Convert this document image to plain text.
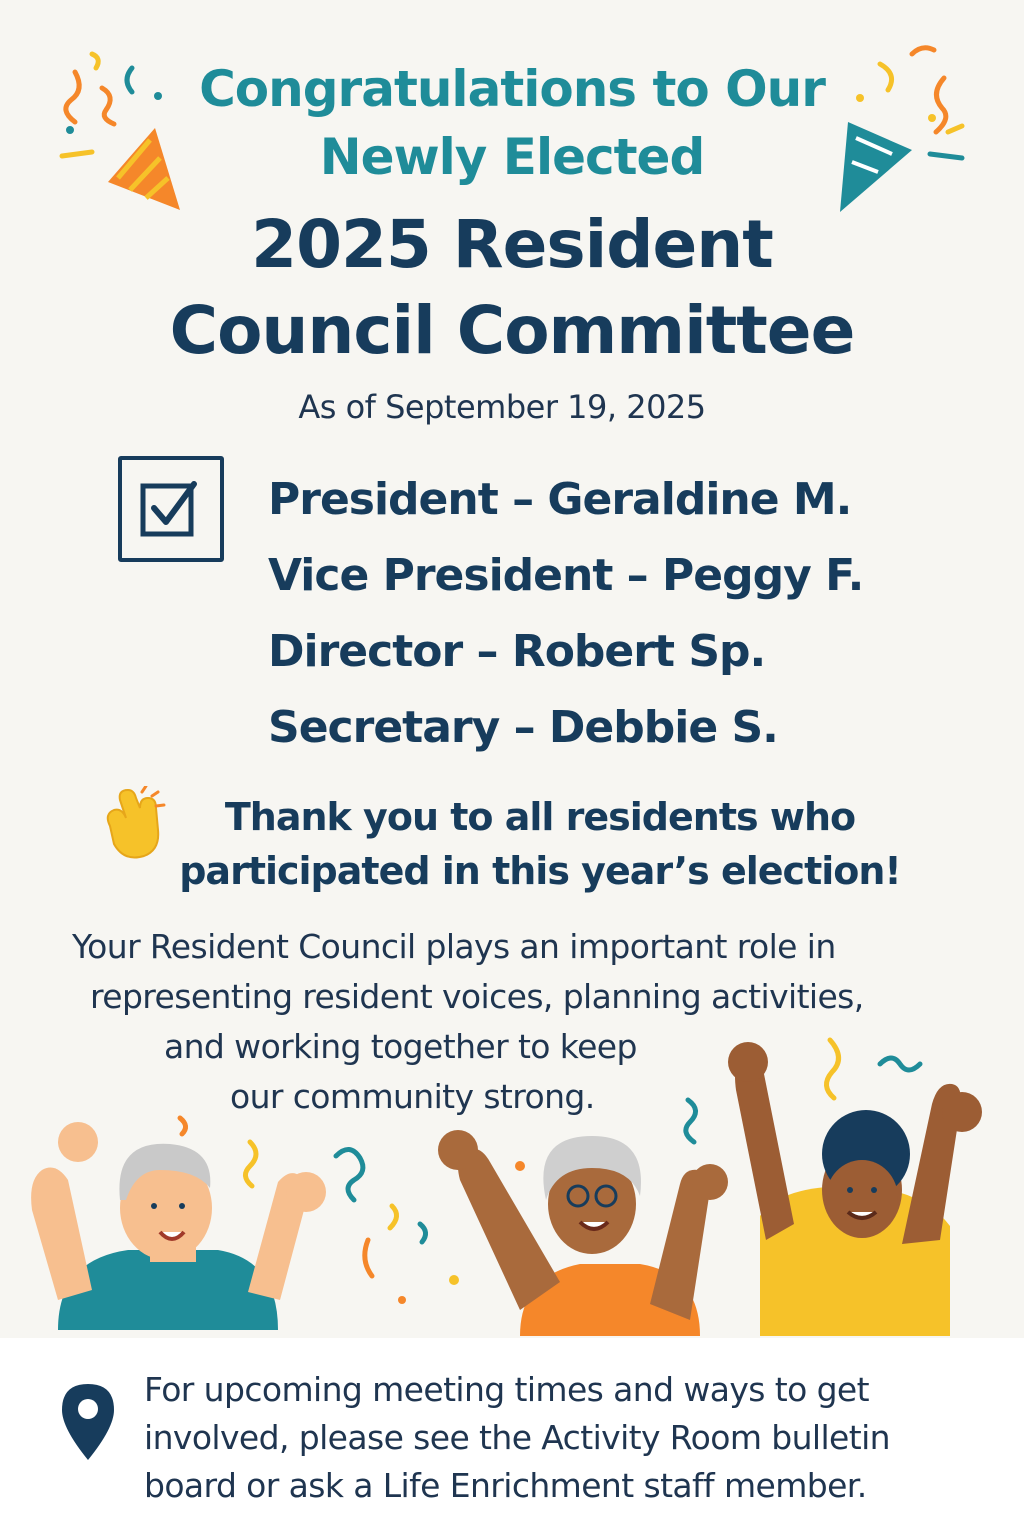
Congratulations to Our
Newly Elected
2025 Resident
Council Committee
As of September 19, 2025
President – Geraldine M.
Vice President – Peggy F.
Director – Robert Sp.
Secretary – Debbie S.
Thank you to all residents who
participated in this year’s election!
Your Resident Council plays an important role in
representing resident voices, planning activities,
and working together to keep
our community strong.
For upcoming meeting times and ways to get
involved, please see the Activity Room bulletin
board or ask a Life Enrichment staff member.
